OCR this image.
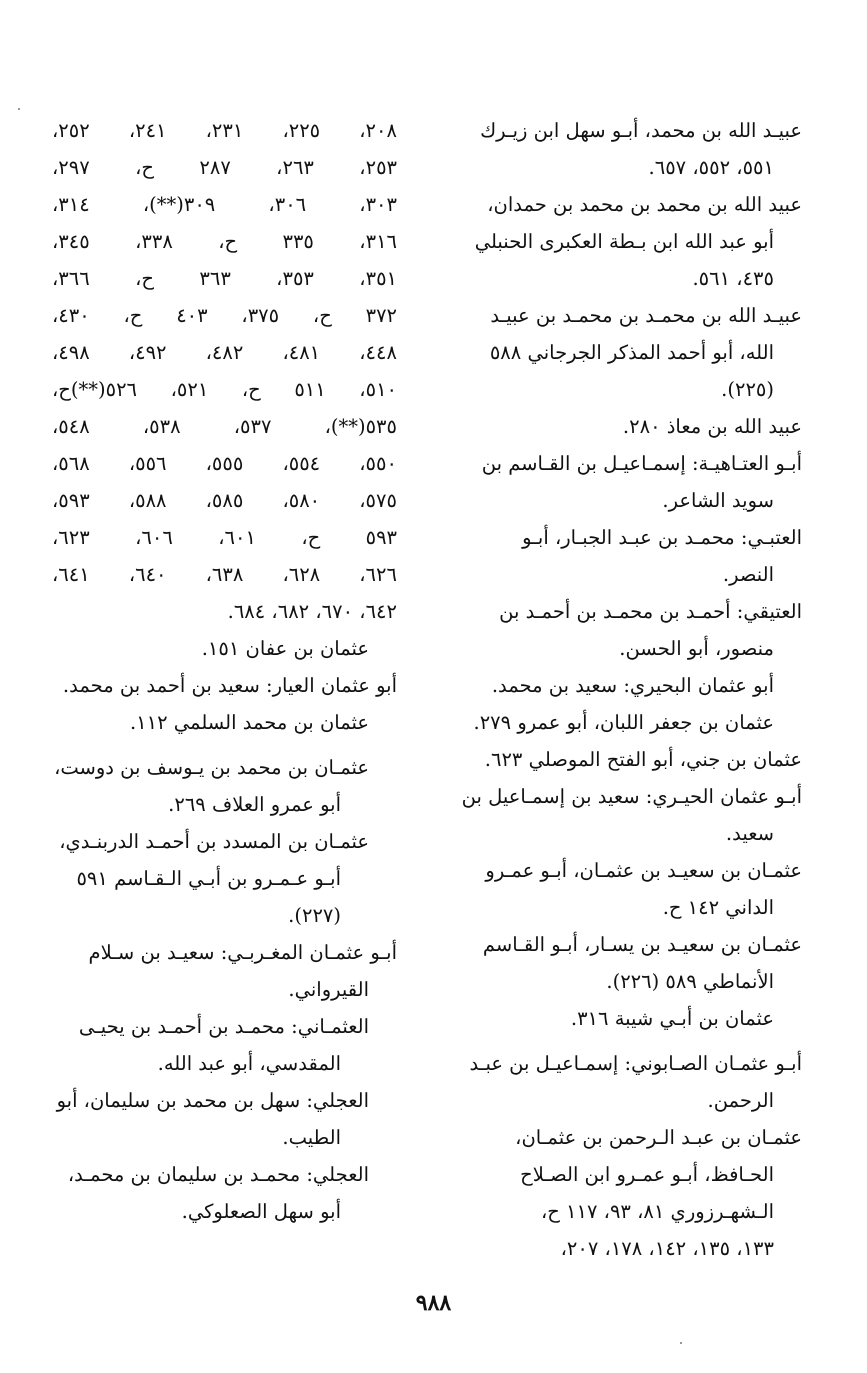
عبيـد الله بن محمد، أبـو سهل ابن زيـرك
٥٥١، ٥٥٢، ٦٥٧.

عبيد الله بن محمد بن محمد بن حمدان،
أبو عبد الله ابن بـطة العكبرى الحنبلي
٤٣٥، ٥٦١.

عبيـد الله بن محمـد بن محمـد بن عبيـد
الله، أبو أحمد المذكر الجرجاني ٥٨٨
(٢٢٥).

عبيد الله بن معاذ ٢٨٠.

أبـو العتـاهيـة: إسمـاعيـل بن القـاسم بن
سويد الشاعر.

العتبـي: محمـد بن عبـد الجبـار، أبـو
النصر.

العتيقي: أحمـد بن محمـد بن أحمـد بن
منصور، أبو الحسن.

أبو عثمان البحيري: سعيد بن محمد.

عثمان بن جعفر اللبان، أبو عمرو ٢٧٩.

عثمان بن جني، أبو الفتح الموصلي ٦٢٣.

أبـو عثمان الحيـري: سعيد بن إسمـاعيل بن
سعيد.

عثمـان بن سعيـد بن عثمـان، أبـو عمـرو
الداني ١٤٢ ح.

عثمـان بن سعيـد بن يسـار، أبـو القـاسم
الأنماطي ٥٨٩ (٢٢٦).

عثمان بن أبـي شيبة ٣١٦.

أبـو عثمـان الصـابوني: إسمـاعيـل بن عبـد
الرحمن.

عثمـان بن عبـد الـرحمن بن عثمـان،
الحـافظ، أبـو عمـرو ابن الصـلاح
الـشهـرزوري ٨١، ٩٣، ١١٧ ح،
١٣٣، ١٣٥، ١٤٢، ١٧٨، ٢٠٧،

٢٠٨، ٢٢٥، ٢٣١، ٢٤١، ٢٥٢،

٢٥٣، ٢٦٣، ٢٨٧ ح، ٢٩٧،

٣٠٣، ٣٠٦، ٣٠٩(**)، ٣١٤،

٣١٦، ٣٣٥ ح، ٣٣٨، ٣٤٥،

٣٥١، ٣٥٣، ٣٦٣ ح، ٣٦٦،

٣٧٢ ح، ٣٧٥، ٤٠٣ ح، ٤٣٠،

٤٤٨، ٤٨١، ٤٨٢، ٤٩٢، ٤٩٨،

٥١٠، ٥١١ ح، ٥٢١، ٥٢٦(**)ح،

٥٣٥(**)، ٥٣٧، ٥٣٨، ٥٤٨،

٥٥٠، ٥٥٤، ٥٥٥، ٥٥٦، ٥٦٨،

٥٧٥، ٥٨٠، ٥٨٥، ٥٨٨، ٥٩٣،

٥٩٣ ح، ٦٠١، ٦٠٦، ٦٢٣،

٦٢٦، ٦٢٨، ٦٣٨، ٦٤٠، ٦٤١،

٦٤٢، ٦٧٠، ٦٨٢، ٦٨٤.

عثمان بن عفان ١٥١.

أبو عثمان العيار: سعيد بن أحمد بن محمد.

عثمان بن محمد السلمي ١١٢.

عثمـان بن محمد بن يـوسف بن دوست،
أبو عمرو العلاف ٢٦٩.

عثمـان بن المسدد بن أحمـد الدربنـدي،
أبـو عـمـرو بن أبـي الـقـاسم ٥٩١
(٢٢٧).

أبـو عثمـان المغـربـي: سعيـد بن سـلام
القيرواني.

العثمـاني: محمـد بن أحمـد بن يحيـى
المقدسي، أبو عبد الله.

العجلي: سهل بن محمد بن سليمان، أبو
الطيب.

العجلي: محمـد بن سليمان بن محمـد،
أبو سهل الصعلوكي.

٩٨٨
